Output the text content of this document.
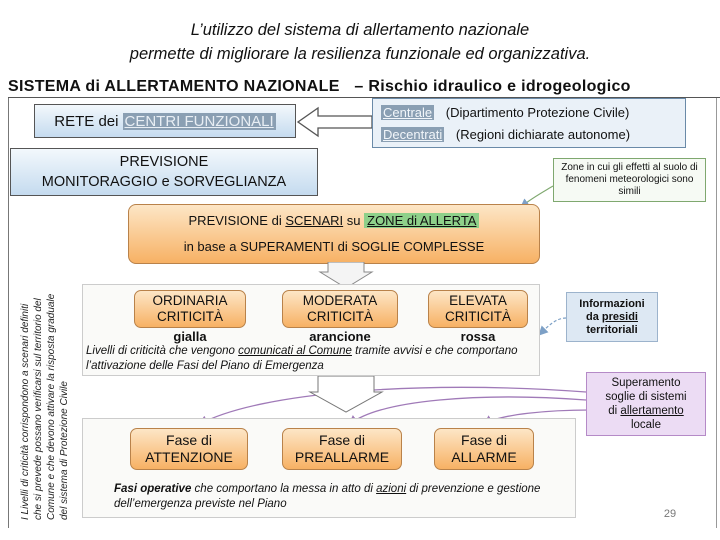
L’utilizzo del sistema di allertamento nazionale
permette di migliorare la resilienza funzionale ed organizzativa.
SISTEMA di ALLERTAMENTO NAZIONALE – Rischio idraulico e idrogeologico
RETE dei CENTRI FUNZIONALI	Centrale (Dipartimento Protezione Civile)
Decentrati (Regioni dichiarate autonome)
PREVISIONE
MONITORAGGIO e SORVEGLIANZA
Zone in cui gli effetti al suolo di fenomeni meteorologici sono simili
PREVISIONE di SCENARI su ZONE di ALLERTA
in base a SUPERAMENTI di SOGLIE COMPLESSE
ORDINARIA
CRITICITÀ
MODERATA
CRITICITÀ
ELEVATA
CRITICITÀ
gialla	arancione	rossa
Livelli di criticità che vengono comunicati al Comune tramite avvisi e che comportano l’attivazione delle Fasi del Piano di Emergenza
Informazioni
da presidi
territoriali
Superamento
soglie di sistemi
di allertamento
locale
Fase di
ATTENZIONE
Fase di
PREALLARME
Fase di
ALLARME
Fasi operative che comportano la messa in atto di azioni di prevenzione e gestione dell’emergenza previste nel Piano
I Livelli di criticità corrispondono a scenari definiti che si prevede possano verificarsi sul territorio del Comune e che devono attivare la risposta graduale del sistema di Protezione Civile	29
